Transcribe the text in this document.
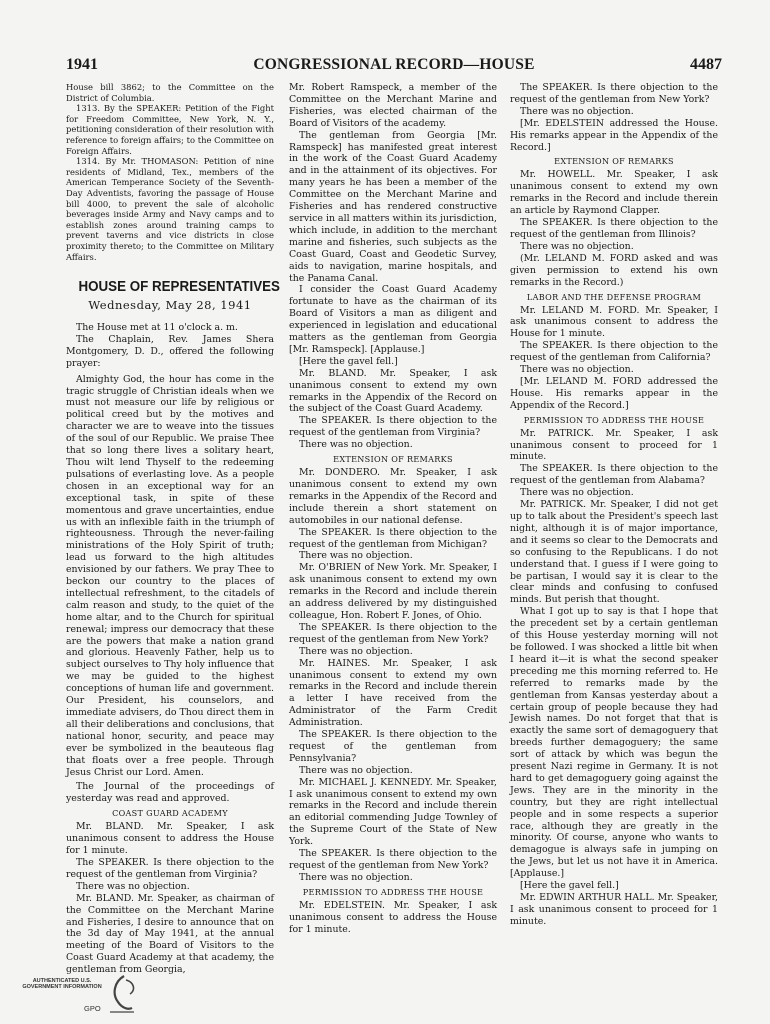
1941	CONGRESSIONAL RECORD—HOUSE	4487

House bill 3862; to the Committee on the District of Columbia.

1313. By the SPEAKER: Petition of the Fight for Freedom Committee, New York, N. Y., petitioning consideration of their resolution with reference to foreign affairs; to the Committee on Foreign Affairs.

1314. By Mr. THOMASON: Petition of nine residents of Midland, Tex., members of the American Temperance Society of the Seventh-Day Adventists, favoring the passage of House bill 4000, to prevent the sale of alcoholic beverages inside Army and Navy camps and to establish zones around training camps to prevent taverns and vice districts in close proximity thereto; to the Committee on Military Affairs.

HOUSE OF REPRESENTATIVES
Wednesday, May 28, 1941

The House met at 11 o'clock a. m.

The Chaplain, Rev. James Shera Montgomery, D. D., offered the following prayer:

Almighty God, the hour has come in the tragic struggle of Christian ideals when we must not measure our life by religious or political creed but by the motives and character we are to weave into the tissues of the soul of our Republic. We praise Thee that so long there lives a solitary heart, Thou wilt lend Thyself to the redeeming pulsations of everlasting love. As a people chosen in an exceptional way for an exceptional task, in spite of these momentous and grave uncertainties, endue us with an inflexible faith in the triumph of righteousness. Through the never-failing ministrations of the Holy Spirit of truth; lead us forward to the high altitudes envisioned by our fathers. We pray Thee to beckon our country to the places of intellectual refreshment, to the citadels of calm reason and study, to the quiet of the home altar, and to the Church for spiritual renewal; impress our democracy that these are the powers that make a nation grand and glorious. Heavenly Father, help us to subject ourselves to Thy holy influence that we may be guided to the highest conceptions of human life and government. Our President, his counselors, and immediate advisers, do Thou direct them in all their deliberations and conclusions, that national honor, security, and peace may ever be symbolized in the beauteous flag that floats over a free people. Through Jesus Christ our Lord. Amen.

The Journal of the proceedings of yesterday was read and approved.

COAST GUARD ACADEMY

Mr. BLAND. Mr. Speaker, I ask unanimous consent to address the House for 1 minute.

The SPEAKER. Is there objection to the request of the gentleman from Virginia?

There was no objection.

Mr. BLAND. Mr. Speaker, as chairman of the Committee on the Merchant Marine and Fisheries, I desire to announce that on the 3d day of May 1941, at the annual meeting of the Board of Visitors to the Coast Guard Academy at that academy, the gentleman from Georgia,

Mr. Robert Ramspeck, a member of the Committee on the Merchant Marine and Fisheries, was elected chairman of the Board of Visitors of the academy.

The gentleman from Georgia [Mr. Ramspeck] has manifested great interest in the work of the Coast Guard Academy and in the attainment of its objectives. For many years he has been a member of the Committee on the Merchant Marine and Fisheries and has rendered constructive service in all matters within its jurisdiction, which include, in addition to the merchant marine and fisheries, such subjects as the Coast Guard, Coast and Geodetic Survey, aids to navigation, marine hospitals, and the Panama Canal.

I consider the Coast Guard Academy fortunate to have as the chairman of its Board of Visitors a man as diligent and experienced in legislation and educational matters as the gentleman from Georgia [Mr. Ramspeck]. [Applause.]

[Here the gavel fell.]

Mr. BLAND. Mr. Speaker, I ask unanimous consent to extend my own remarks in the Appendix of the Record on the subject of the Coast Guard Academy.

The SPEAKER. Is there objection to the request of the gentleman from Virginia?

There was no objection.

EXTENSION OF REMARKS

Mr. DONDERO. Mr. Speaker, I ask unanimous consent to extend my own remarks in the Appendix of the Record and include therein a short statement on automobiles in our national defense.

The SPEAKER. Is there objection to the request of the gentleman from Michigan?

There was no objection.

Mr. O'BRIEN of New York. Mr. Speaker, I ask unanimous consent to extend my own remarks in the Record and include therein an address delivered by my distinguished colleague, Hon. Robert F. Jones, of Ohio.

The SPEAKER. Is there objection to the request of the gentleman from New York?

There was no objection.

Mr. HAINES. Mr. Speaker, I ask unanimous consent to extend my own remarks in the Record and include therein a letter I have received from the Administrator of the Farm Credit Administration.

The SPEAKER. Is there objection to the request of the gentleman from Pennsylvania?

There was no objection.

Mr. MICHAEL J. KENNEDY. Mr. Speaker, I ask unanimous consent to extend my own remarks in the Record and include therein an editorial commending Judge Townley of the Supreme Court of the State of New York.

The SPEAKER. Is there objection to the request of the gentleman from New York?

There was no objection.

PERMISSION TO ADDRESS THE HOUSE

Mr. EDELSTEIN. Mr. Speaker, I ask unanimous consent to address the House for 1 minute.

The SPEAKER. Is there objection to the request of the gentleman from New York?

There was no objection.

[Mr. EDELSTEIN addressed the House. His remarks appear in the Appendix of the Record.]

EXTENSION OF REMARKS

Mr. HOWELL. Mr. Speaker, I ask unanimous consent to extend my own remarks in the Record and include therein an article by Raymond Clapper.

The SPEAKER. Is there objection to the request of the gentleman from Illinois?

There was no objection.

(Mr. LELAND M. FORD asked and was given permission to extend his own remarks in the Record.)

LABOR AND THE DEFENSE PROGRAM

Mr. LELAND M. FORD. Mr. Speaker, I ask unanimous consent to address the House for 1 minute.

The SPEAKER. Is there objection to the request of the gentleman from California?

There was no objection.

[Mr. LELAND M. FORD addressed the House. His remarks appear in the Appendix of the Record.]

PERMISSION TO ADDRESS THE HOUSE

Mr. PATRICK. Mr. Speaker, I ask unanimous consent to proceed for 1 minute.

The SPEAKER. Is there objection to the request of the gentleman from Alabama?

There was no objection.

Mr. PATRICK. Mr. Speaker, I did not get up to talk about the President's speech last night, although it is of major importance, and it seems so clear to the Democrats and so confusing to the Republicans. I do not understand that. I guess if I were going to be partisan, I would say it is clear to the clear minds and confusing to confused minds. But perish that thought.

What I got up to say is that I hope that the precedent set by a certain gentleman of this House yesterday morning will not be followed. I was shocked a little bit when I heard it—it is what the second speaker preceding me this morning referred to. He referred to remarks made by the gentleman from Kansas yesterday about a certain group of people because they had Jewish names. Do not forget that that is exactly the same sort of demagoguery that breeds further demagoguery; the same sort of attack by which was begun the present Nazi regime in Germany. It is not hard to get demagoguery going against the Jews. They are in the minority in the country, but they are right intellectual people and in some respects a superior race, although they are greatly in the minority. Of course, anyone who wants to demagogue is always safe in jumping on the Jews, but let us not have it in America. [Applause.]

[Here the gavel fell.]

Mr. EDWIN ARTHUR HALL. Mr. Speaker, I ask unanimous consent to proceed for 1 minute.

AUTHENTICATED U.S. GOVERNMENT INFORMATION
GPO
